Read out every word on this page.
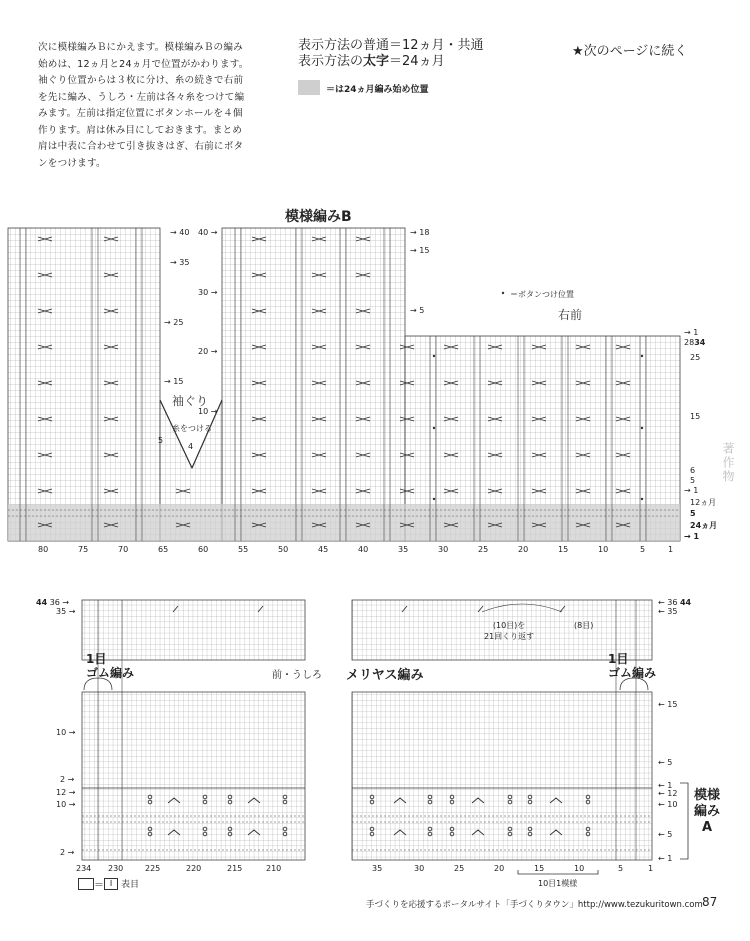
次に模様編みＢにかえます。模様編みＢの編み
始めは、12ヵ月と24ヵ月で位置がかわります。
袖ぐり位置からは３枚に分け、糸の続きで右前
を先に編み、うしろ・左前は各々糸をつけて編
みます。左前は指定位置にボタンホールを４個
作ります。肩は休み目にしておきます。まとめ
肩は中表に合わせて引き抜きはぎ、右前にボタ
ンをつけます。
表示方法の普通＝12ヵ月・共通
表示方法の太字＝24ヵ月
★次のページに続く
＝は24ヵ月編み始め位置
模様編みB
袖ぐり
糸をつける
5
4
＝ボタンつけ位置
右前
→ 40
→ 35
→ 25
→ 15
40 →
30 →
20 →
10 →
→ 18
→ 15
→ 5
→ 1
2834
25
15
6
5
→ 1
12ヵ月
5
24ヵ月
→ 1
80	75	70	65	60	55	50	45	40	35	30	25	20	15	10	5	1
著作物
44 36 →
35 →
← 36 44
← 35
1目
ゴム編み
1目
ゴム編み
前・うしろ メリヤス編み
(10目)を
21回くり返す
(8目)
10 →
2 →
12 →
10 →
2 →
← 15
← 5
← 1
← 12
← 10
← 5
← 1
模様
編み
A
234 230	225	220	215	210	35	30	25	20	15	10	5	1
10目1模様
＝ Ⅰ 表目
手づくりを応援するポータルサイト「手づくりタウン」http://www.tezukuritown.com 87
